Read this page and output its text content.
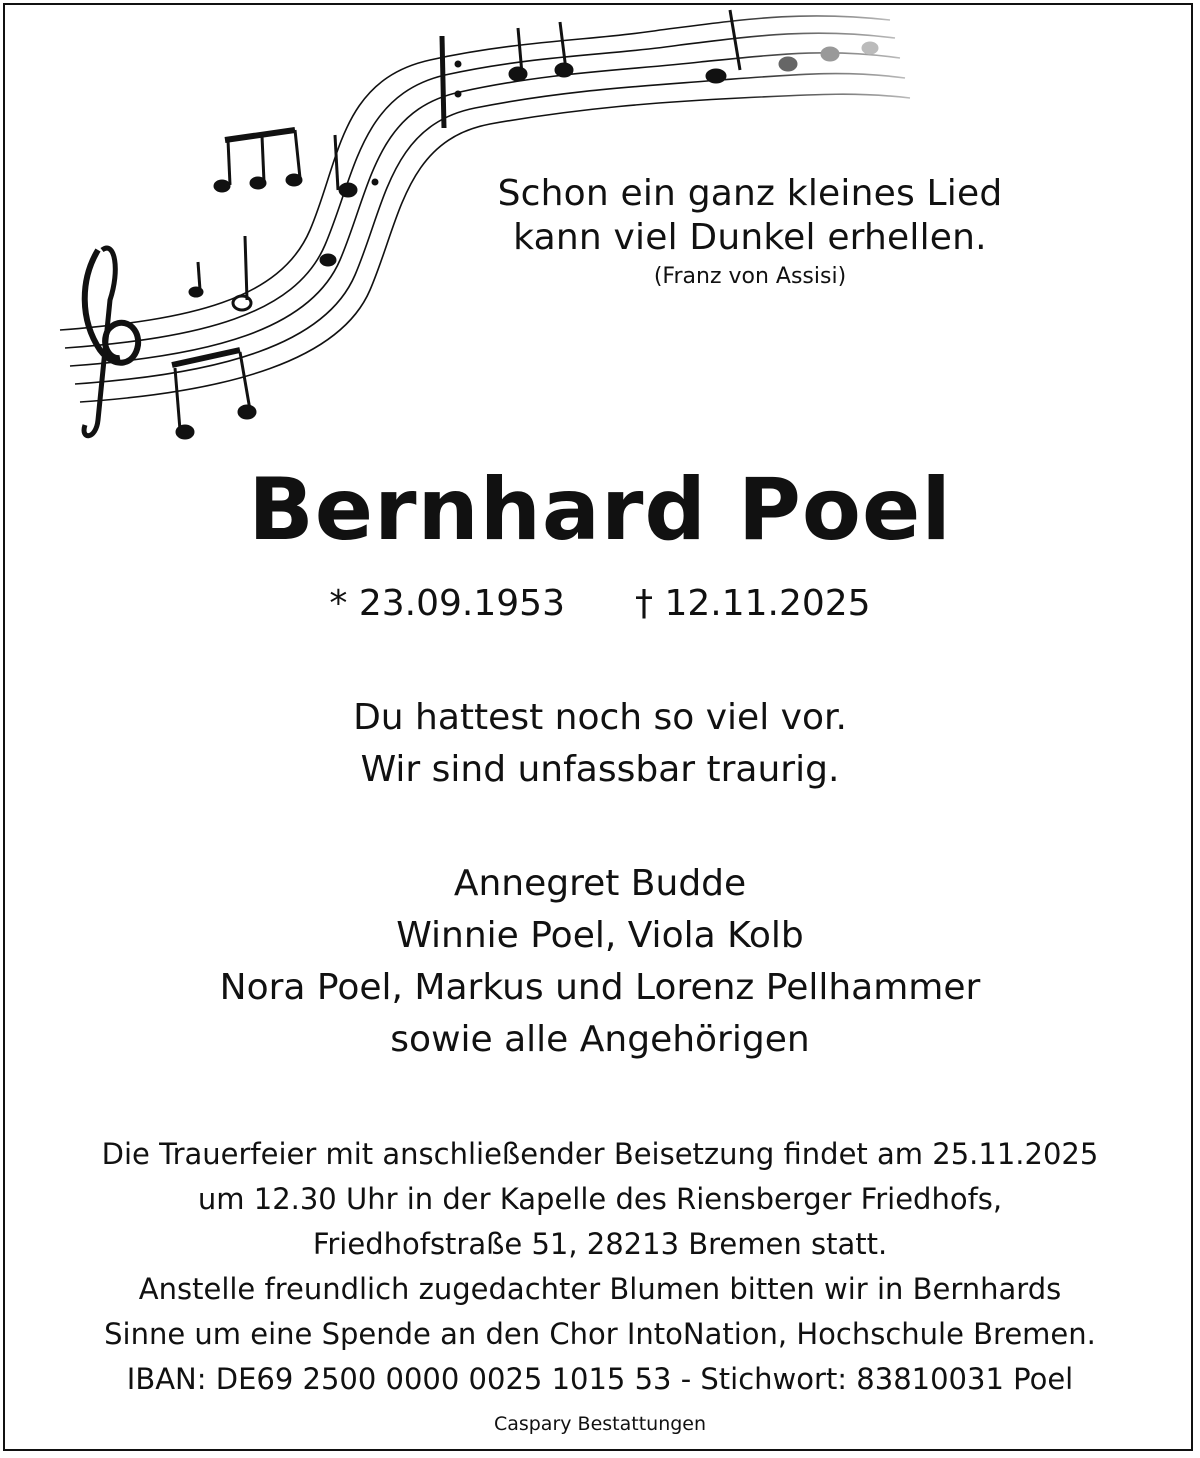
Schon ein ganz kleines Lied
kann viel Dunkel erhellen.
(Franz von Assisi)
Bernhard Poel
* 23.09.1953 † 12.11.2025
Du hattest noch so viel vor.
Wir sind unfassbar traurig.
Annegret Budde
Winnie Poel, Viola Kolb
Nora Poel, Markus und Lorenz Pellhammer
sowie alle Angehörigen
Die Trauerfeier mit anschließender Beisetzung findet am 25.11.2025
um 12.30 Uhr in der Kapelle des Riensberger Friedhofs,
Friedhofstraße 51, 28213 Bremen statt.
Anstelle freundlich zugedachter Blumen bitten wir in Bernhards
Sinne um eine Spende an den Chor IntoNation, Hochschule Bremen.
IBAN: DE69 2500 0000 0025 1015 53 - Stichwort: 83810031 Poel
Caspary Bestattungen
